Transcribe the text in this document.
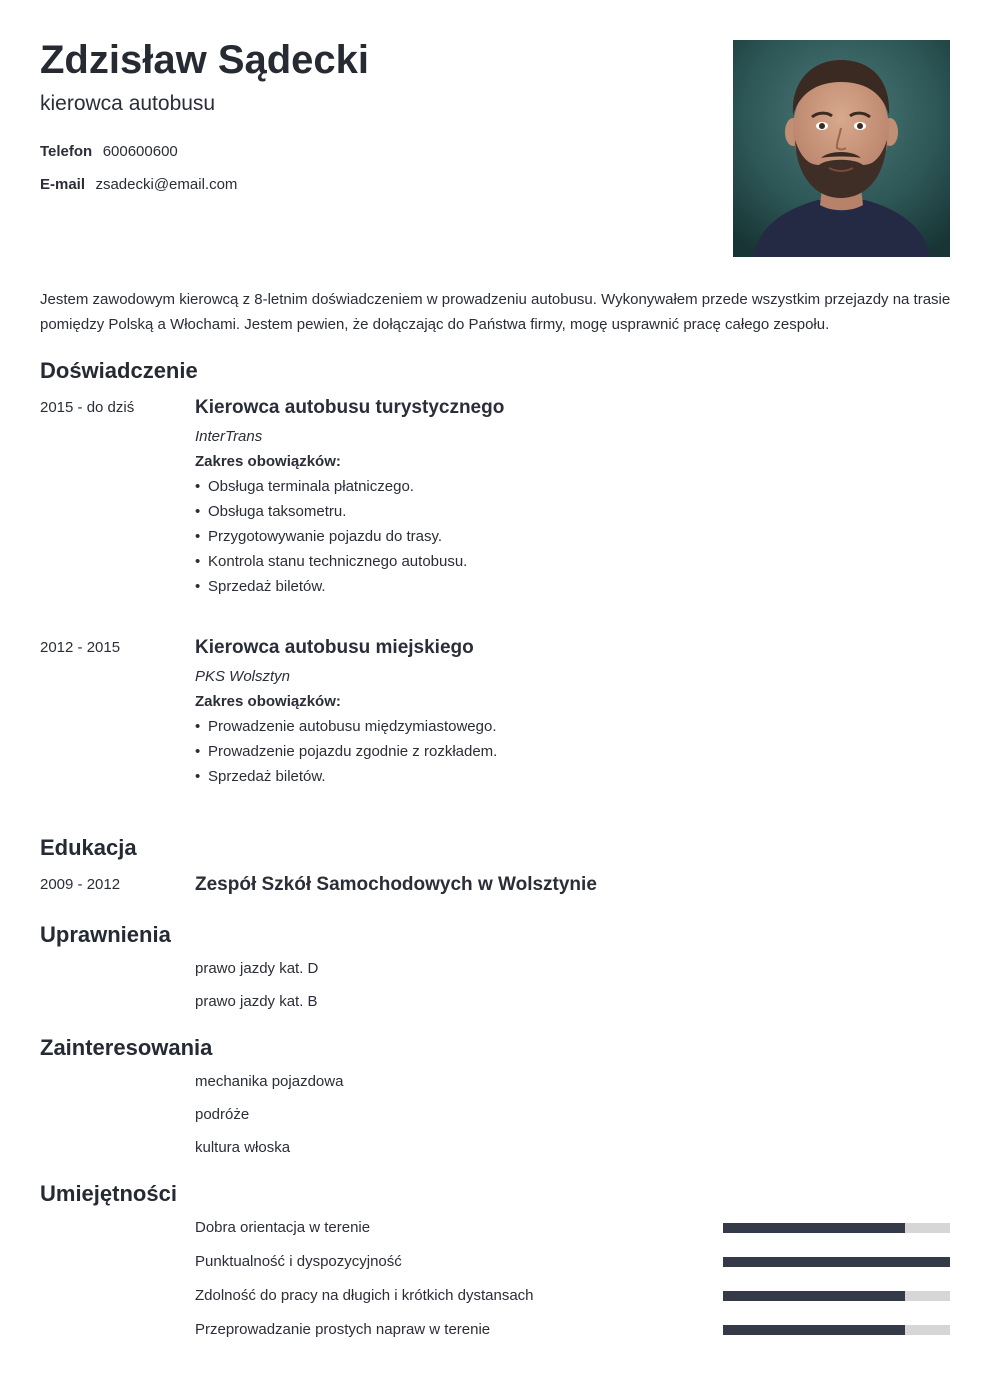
Zdzisław Sądecki
kierowca autobusu
Telefon 600600600
E-mail zsadecki@email.com
Jestem zawodowym kierowcą z 8-letnim doświadczeniem w prowadzeniu autobusu. Wykonywałem przede wszystkim przejazdy na trasie pomiędzy Polską a Włochami. Jestem pewien, że dołączając do Państwa firmy, mogę usprawnić pracę całego zespołu.
Doświadczenie
2015 - do dziś	Kierowca autobusu turystycznego
InterTrans
Zakres obowiązków:
• Obsługa terminala płatniczego.
• Obsługa taksometru.
• Przygotowywanie pojazdu do trasy.
• Kontrola stanu technicznego autobusu.
• Sprzedaż biletów.
2012 - 2015	Kierowca autobusu miejskiego
PKS Wolsztyn
Zakres obowiązków:
• Prowadzenie autobusu międzymiastowego.
• Prowadzenie pojazdu zgodnie z rozkładem.
• Sprzedaż biletów.
Edukacja
2009 - 2012	Zespół Szkół Samochodowych w Wolsztynie
Uprawnienia
prawo jazdy kat. D
prawo jazdy kat. B
Zainteresowania
mechanika pojazdowa
podróże
kultura włoska
Umiejętności
Dobra orientacja w terenie
Punktualność i dyspozycyjność
Zdolność do pracy na długich i krótkich dystansach
Przeprowadzanie prostych napraw w terenie
